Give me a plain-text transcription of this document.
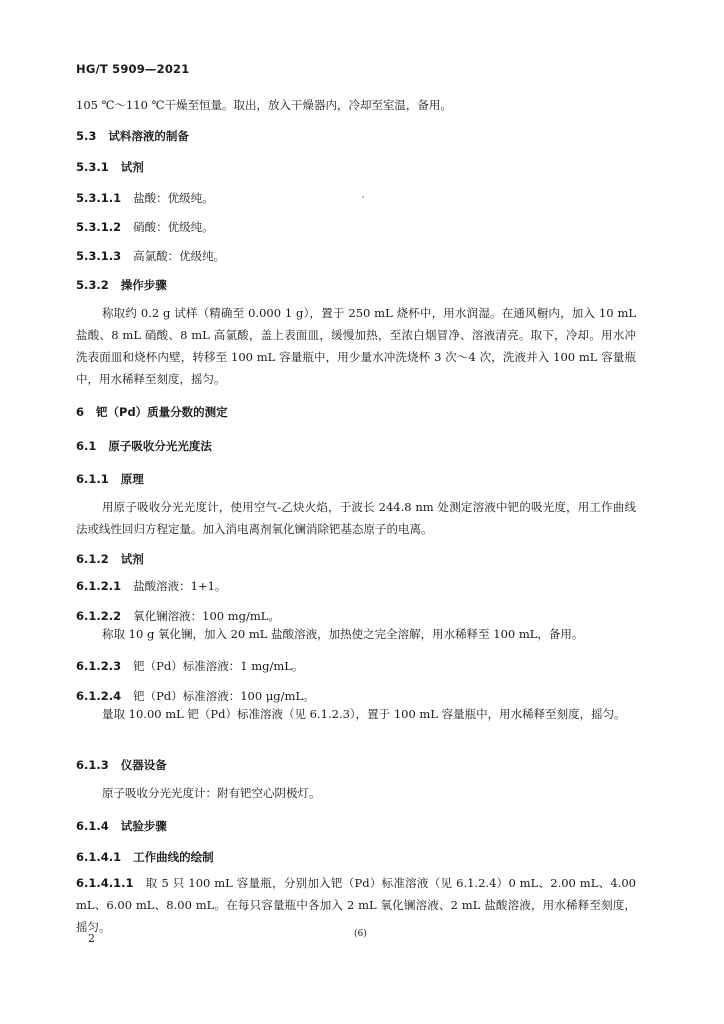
HG/T 5909—2021
105 ℃～110 ℃干燥至恒量。取出，放入干燥器内，冷却至室温，备用。
5.3 试料溶液的制备
5.3.1 试剂
5.3.1.1 盐酸：优级纯。
5.3.1.2 硝酸：优级纯。
5.3.1.3 高氯酸：优级纯。
5.3.2 操作步骤
称取约 0.2 g 试样（精确至 0.000 1 g），置于 250 mL 烧杯中，用水润湿。在通风橱内，加入 10 mL 盐酸、8 mL 硝酸、8 mL 高氯酸，盖上表面皿，缓慢加热，至浓白烟冒净、溶液清亮。取下，冷却。用水冲洗表面皿和烧杯内壁，转移至 100 mL 容量瓶中，用少量水冲洗烧杯 3 次～4 次，洗液并入 100 mL 容量瓶中，用水稀释至刻度，摇匀。
6 钯（Pd）质量分数的测定
6.1 原子吸收分光光度法
6.1.1 原理
用原子吸收分光光度计，使用空气-乙炔火焰，于波长 244.8 nm 处测定溶液中钯的吸光度，用工作曲线法或线性回归方程定量。加入消电离剂氧化镧消除钯基态原子的电离。
6.1.2 试剂
6.1.2.1 盐酸溶液：1+1。
6.1.2.2 氧化镧溶液：100 mg/mL。
称取 10 g 氧化镧，加入 20 mL 盐酸溶液，加热使之完全溶解，用水稀释至 100 mL，备用。
6.1.2.3 钯（Pd）标准溶液：1 mg/mL。
6.1.2.4 钯（Pd）标准溶液：100 μg/mL。
量取 10.00 mL 钯（Pd）标准溶液（见 6.1.2.3），置于 100 mL 容量瓶中，用水稀释至刻度，摇匀。
6.1.3 仪器设备
原子吸收分光光度计：附有钯空心阴极灯。
6.1.4 试验步骤
6.1.4.1 工作曲线的绘制
6.1.4.1.1 取 5 只 100 mL 容量瓶，分别加入钯（Pd）标准溶液（见 6.1.2.4）0 mL、2.00 mL、4.00 mL、6.00 mL、8.00 mL。在每只容量瓶中各加入 2 mL 氧化镧溶液、2 mL 盐酸溶液，用水稀释至刻度，摇匀。
2	(6)
